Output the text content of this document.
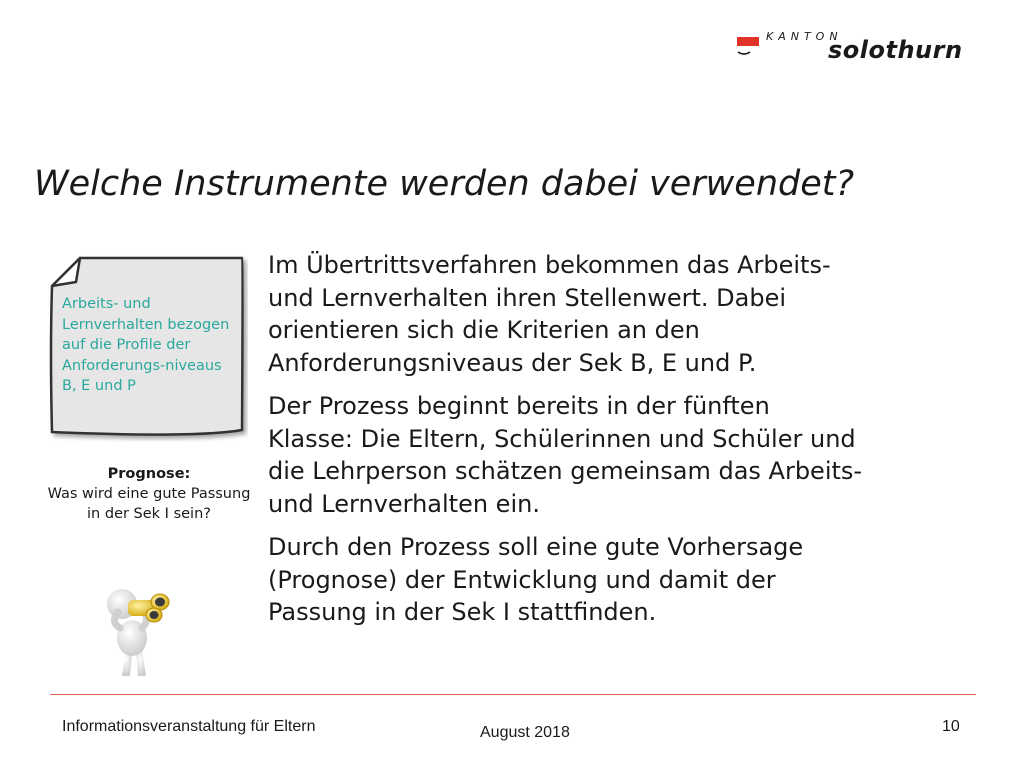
KANTON
solothurn
Welche Instrumente werden dabei verwendet?

Arbeits- und Lernverhalten bezogen auf die Profile der Anforderungs-niveaus B, E und P

Prognose:
Was wird eine gute Passung in der Sek I sein?

Im Übertrittsverfahren bekommen das Arbeits-
und Lernverhalten ihren Stellenwert. Dabei
orientieren sich die Kriterien an den
Anforderungsniveaus der Sek B, E und P.

Der Prozess beginnt bereits in der fünften
Klasse: Die Eltern, Schülerinnen und Schüler und
die Lehrperson schätzen gemeinsam das Arbeits-
und Lernverhalten ein.

Durch den Prozess soll eine gute Vorhersage
(Prognose) der Entwicklung und damit der
Passung in der Sek I stattfinden.

Informationsveranstaltung für Eltern	August 2018	10
